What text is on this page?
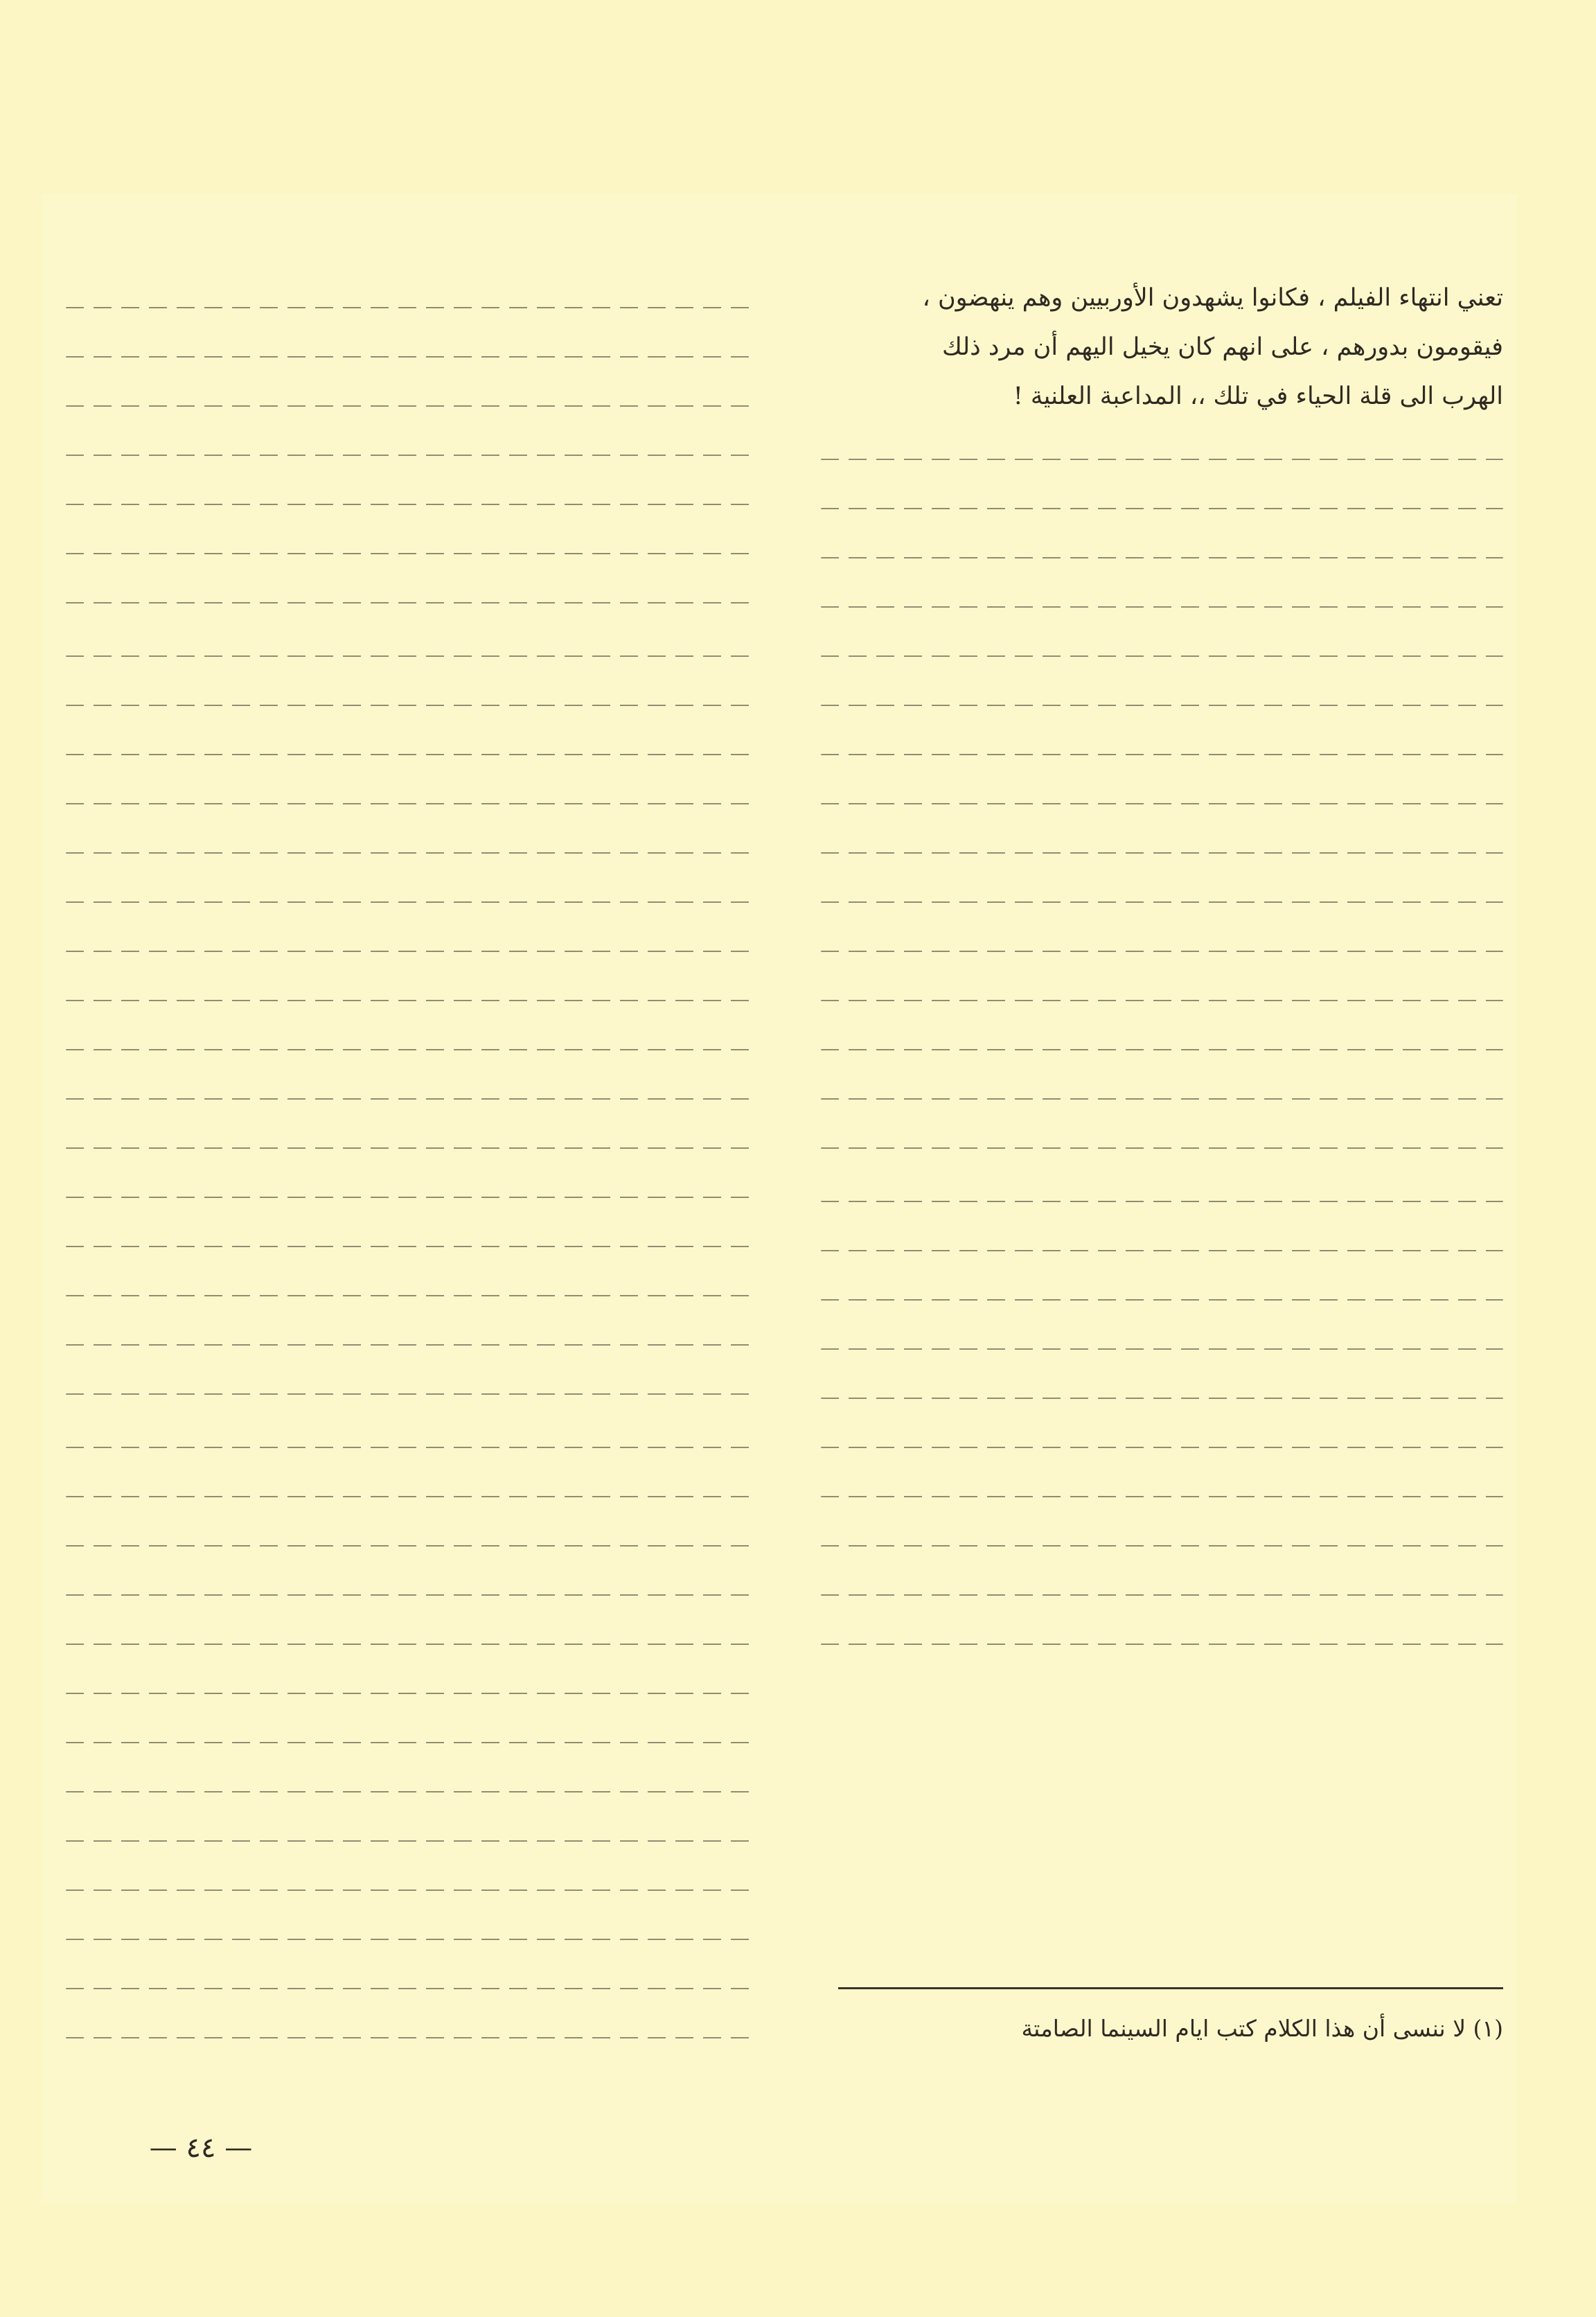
تعني انتهاء الفيلم ، فكانوا يشهدون الأوربيين وهم ينهضون ،
فيقومون بدورهم ، على انهم كان يخيل اليهم أن مرد ذلك
الهرب الى قلة الحياء في تلك ،، المداعبة العلنية !
(١) لا ننسى أن هذا الكلام كتب ايام السينما الصامتة
— ٤٤ —
